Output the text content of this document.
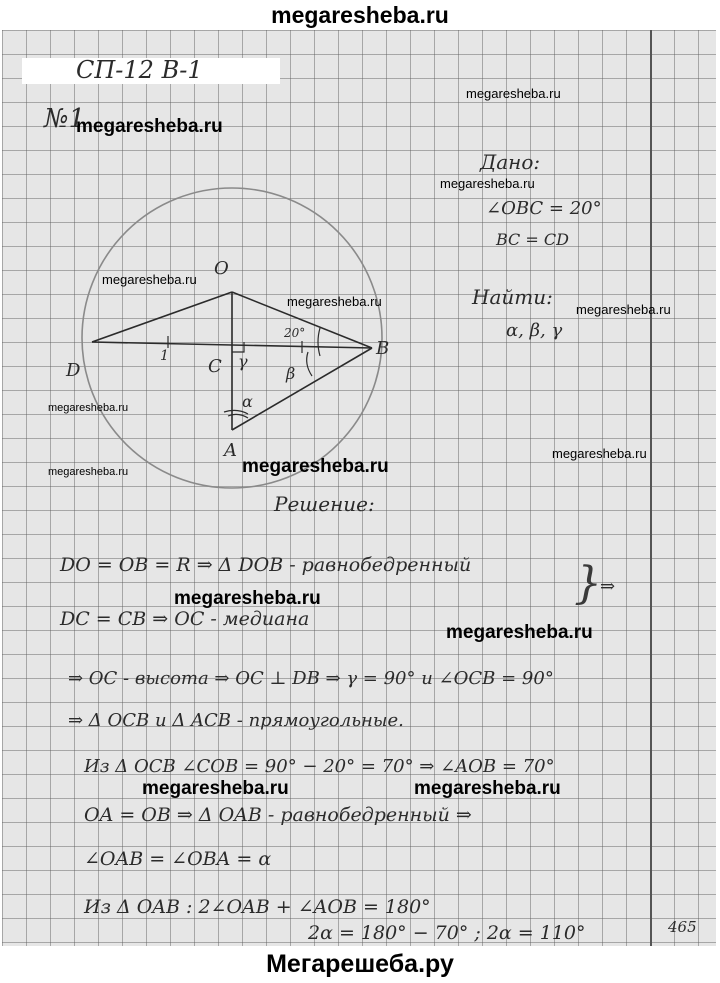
megaresheba.ru
СП-12 В-1
№1
O
A
B
D	C
20°
α
β
γ
1
Дано:
∠OBC = 20°
BC = CD
Найти:
α, β, γ
Решение:
DO = OB = R ⇒ Δ DOB - равнобедренный
DC = CB ⇒ OC - медиана
}
⇒
⇒ OC - высота ⇒ OC ⊥ DB ⇒ γ = 90° и ∠OCB = 90°
⇒ Δ OCB и Δ ACB - прямоугольные.
Из Δ OCB ∠COB = 90° − 20° = 70° ⇒ ∠AOB = 70°
OA = OB ⇒ Δ OAB - равнобедренный ⇒
∠OAB = ∠OBA = α
Из Δ OAB : 2∠OAB + ∠AOB = 180°
2α = 180° − 70° ; 2α = 110°	465
megaresheba.ru
megaresheba.ru
megaresheba.ru
megaresheba.ru
megaresheba.ru
megaresheba.ru
megaresheba.ru
megaresheba.ru
megaresheba.ru	megaresheba.ru
megaresheba.ru
megaresheba.ru
megaresheba.ru	megaresheba.ru
Мегарешеба.ру
